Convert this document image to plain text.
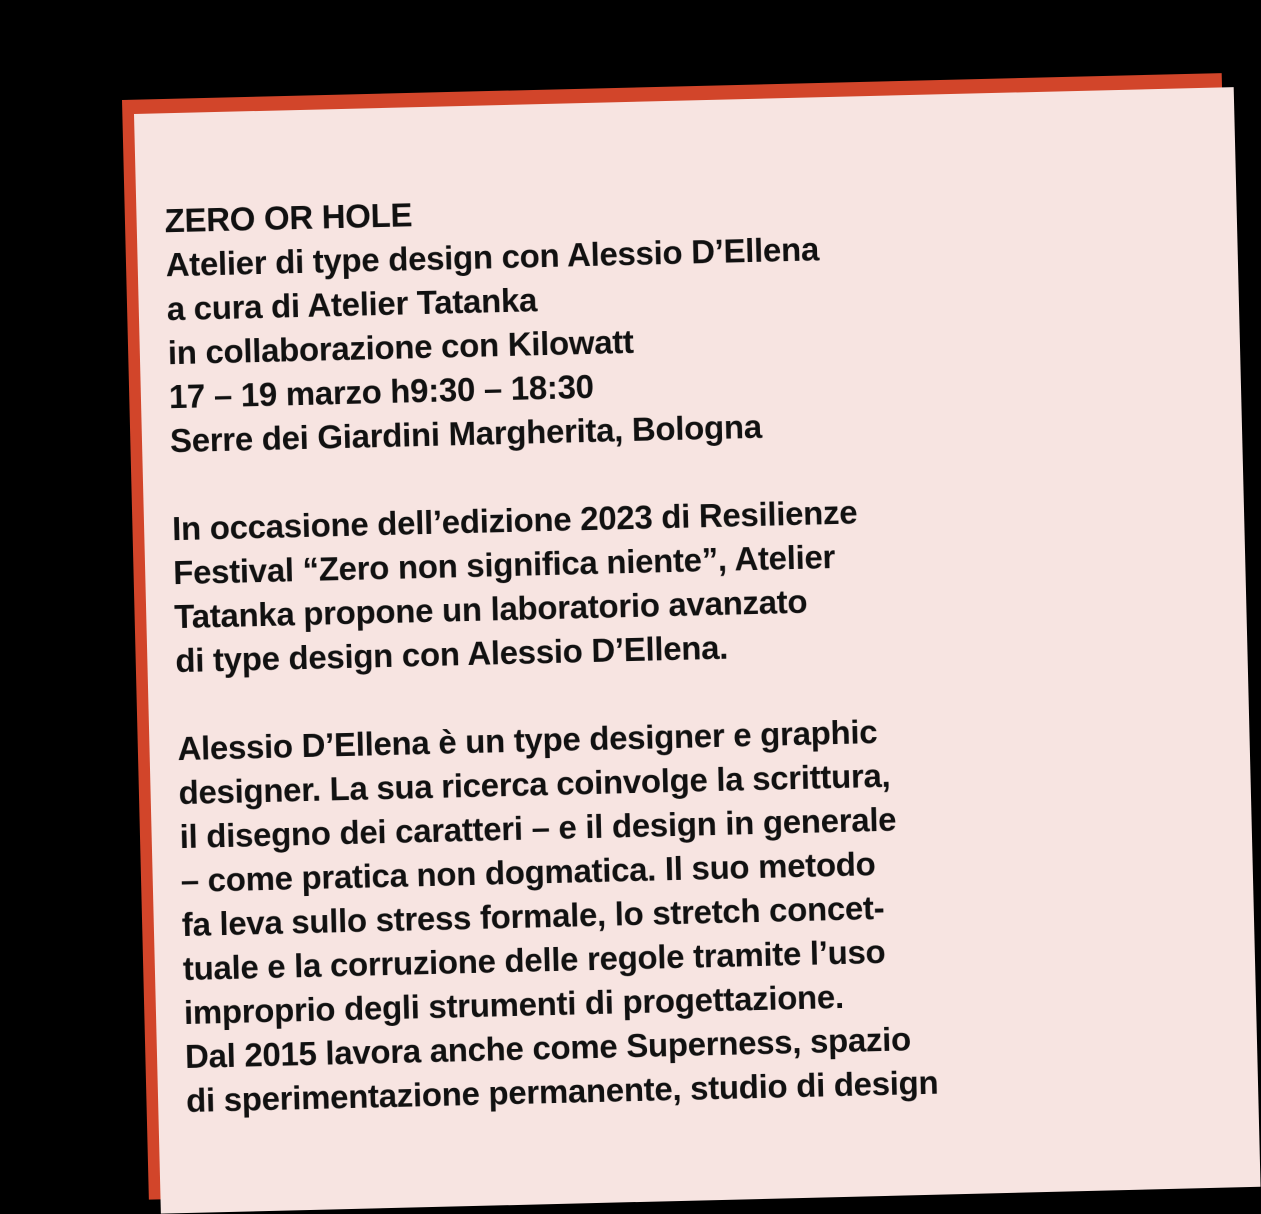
ZERO OR HOLE
Atelier di type design con Alessio D’Ellena
a cura di Atelier Tatanka
in collaborazione con Kilowatt
17 – 19 marzo h9:30 – 18:30
Serre dei Giardini Margherita, Bologna
In occasione dell’edizione 2023 di Resilienze
Festival “Zero non significa niente”, Atelier
Tatanka propone un laboratorio avanzato
di type design con Alessio D’Ellena.
Alessio D’Ellena è un type designer e graphic
designer. La sua ricerca coinvolge la scrittura,
il disegno dei caratteri – e il design in generale
– come pratica non dogmatica. Il suo metodo
fa leva sullo stress formale, lo stretch concet-
tuale e la corruzione delle regole tramite l’uso
improprio degli strumenti di progettazione.
Dal 2015 lavora anche come Superness, spazio
di sperimentazione permanente, studio di design
